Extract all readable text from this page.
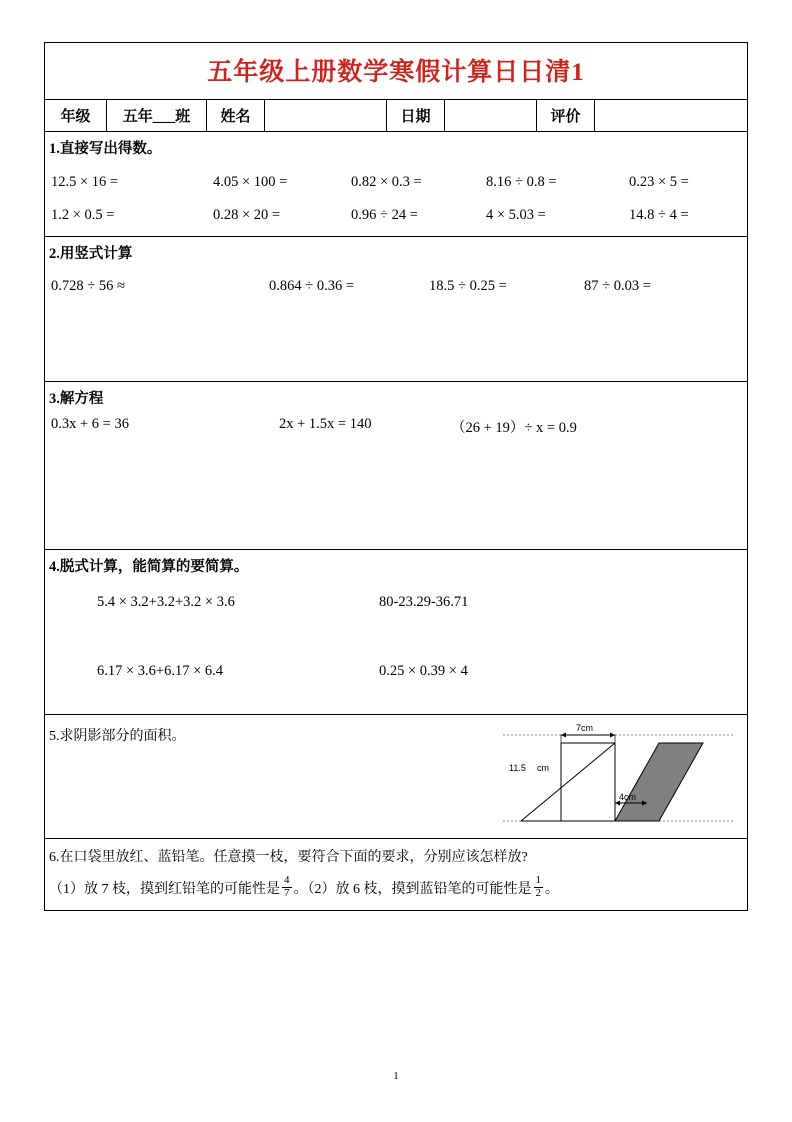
五年级上册数学寒假计算日日清1
年级	五年___班	姓名	日期	评价
1.直接写出得数。
12.5 × 16 =	4.05 × 100 =	0.82 × 0.3 =	8.16 ÷ 0.8 =	0.23 × 5 =
1.2 × 0.5 =	0.28 × 20 =	0.96 ÷ 24 =	4 × 5.03 =	14.8 ÷ 4 =
2.用竖式计算
0.728 ÷ 56 ≈	0.864 ÷ 0.36 =	18.5 ÷ 0.25 =	87 ÷ 0.03 =
3.解方程
0.3x + 6 = 36	2x + 1.5x = 140	（26 + 19）÷ x = 0.9
4.脱式计算，能简算的要简算。
5.4 × 3.2+3.2+3.2 × 3.6	80-23.29-36.71
6.17 × 3.6+6.17 × 6.4	0.25 × 0.39 × 4
5.求阴影部分的面积。
7cm
11.5 cm
4cm
6.在口袋里放红、蓝铅笔。任意摸一枝，要符合下面的要求，分别应该怎样放?
（1）放 7 枝，摸到红铅笔的可能性是 $\frac{4}{7}$ 。（2）放 6 枝，摸到蓝铅笔的可能性是 $\frac{1}{2}$ 。
1
